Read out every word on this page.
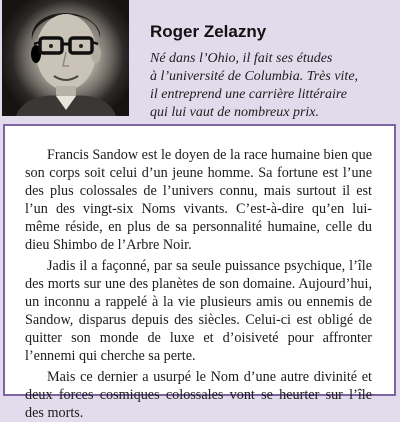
Roger Zelazny

Né dans l’Ohio, il fait ses études
à l’université de Columbia. Très vite,
il entreprend une carrière littéraire
qui lui vaut de nombreux prix.

Francis Sandow est le doyen de la race humaine bien que son corps soit celui d’un jeune homme. Sa fortune est l’une des plus colossales de l’univers connu, mais surtout il est l’un des vingt-six Noms vivants. C’est-à-dire qu’en lui-même réside, en plus de sa personnalité humaine, celle du dieu Shimbo de l’Arbre Noir.

Jadis il a façonné, par sa seule puissance psychique, l’île des morts sur une des planètes de son domaine. Aujourd’hui, un inconnu a rappelé à la vie plusieurs amis ou ennemis de Sandow, disparus depuis des siècles. Celui-ci est obligé de quitter son monde de luxe et d’oisiveté pour affronter l’ennemi qui cherche sa perte.

Mais ce dernier a usurpé le Nom d’une autre divinité et deux forces cosmiques colossales vont se heurter sur l’île des morts.
